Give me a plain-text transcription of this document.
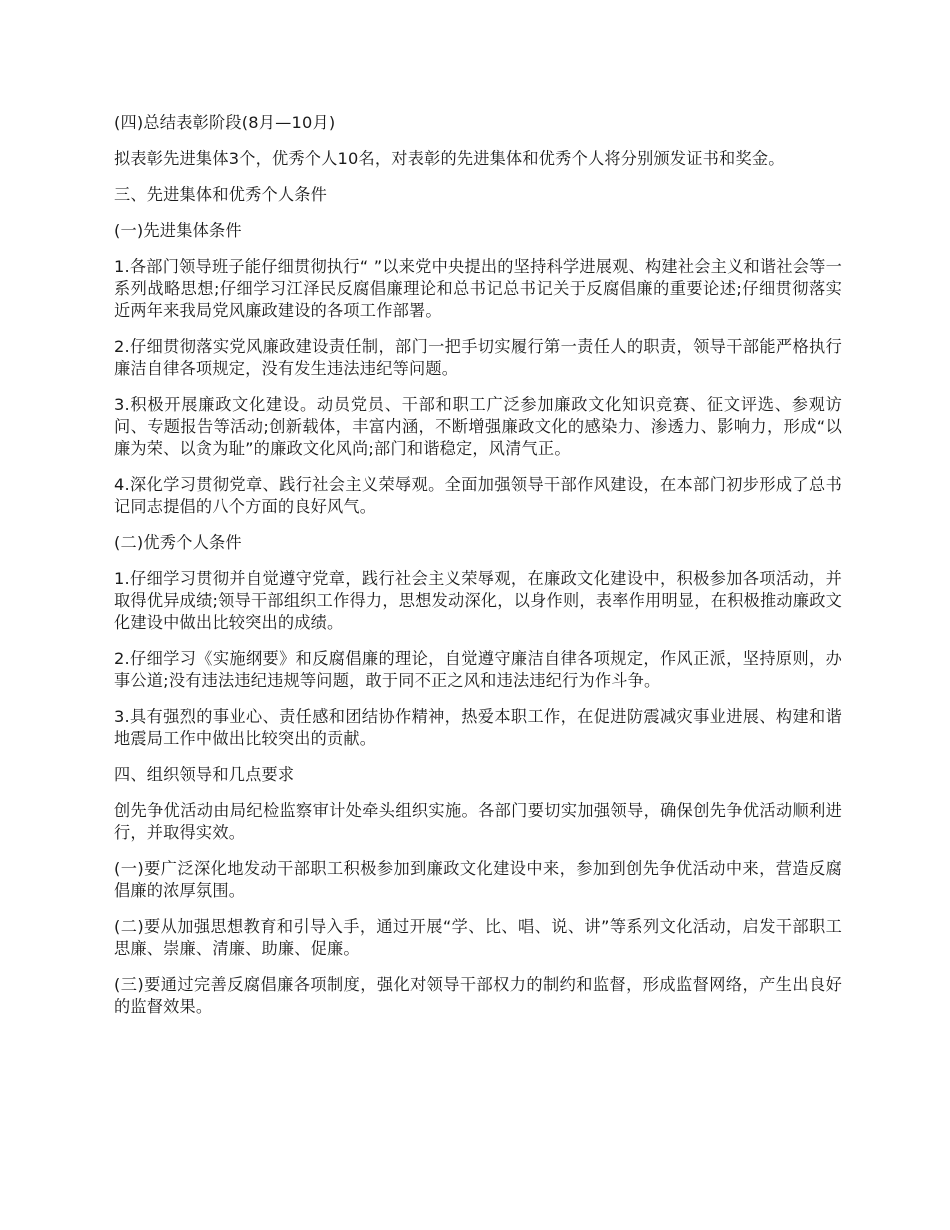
(四)总结表彰阶段(8月—10月)

拟表彰先进集体3个，优秀个人10名，对表彰的先进集体和优秀个人将分别颁发证书和奖金。

三、先进集体和优秀个人条件

(一)先进集体条件

1.各部门领导班子能仔细贯彻执行“ ”以来党中央提出的坚持科学进展观、构建社会主义和谐社会等一系列战略思想;仔细学习江泽民反腐倡廉理论和总书记总书记关于反腐倡廉的重要论述;仔细贯彻落实近两年来我局党风廉政建设的各项工作部署。

2.仔细贯彻落实党风廉政建设责任制，部门一把手切实履行第一责任人的职责，领导干部能严格执行廉洁自律各项规定，没有发生违法违纪等问题。

3.积极开展廉政文化建设。动员党员、干部和职工广泛参加廉政文化知识竞赛、征文评选、参观访问、专题报告等活动;创新载体，丰富内涵，不断增强廉政文化的感染力、渗透力、影响力，形成“以廉为荣、以贪为耻”的廉政文化风尚;部门和谐稳定，风清气正。

4.深化学习贯彻党章、践行社会主义荣辱观。全面加强领导干部作风建设，在本部门初步形成了总书记同志提倡的八个方面的良好风气。

(二)优秀个人条件

1.仔细学习贯彻并自觉遵守党章，践行社会主义荣辱观，在廉政文化建设中，积极参加各项活动，并取得优异成绩;领导干部组织工作得力，思想发动深化，以身作则，表率作用明显，在积极推动廉政文化建设中做出比较突出的成绩。

2.仔细学习《实施纲要》和反腐倡廉的理论，自觉遵守廉洁自律各项规定，作风正派，坚持原则，办事公道;没有违法违纪违规等问题，敢于同不正之风和违法违纪行为作斗争。

3.具有强烈的事业心、责任感和团结协作精神，热爱本职工作，在促进防震减灾事业进展、构建和谐地震局工作中做出比较突出的贡献。

四、组织领导和几点要求

创先争优活动由局纪检监察审计处牵头组织实施。各部门要切实加强领导，确保创先争优活动顺利进行，并取得实效。

(一)要广泛深化地发动干部职工积极参加到廉政文化建设中来，参加到创先争优活动中来，营造反腐倡廉的浓厚氛围。

(二)要从加强思想教育和引导入手，通过开展“学、比、唱、说、讲”等系列文化活动，启发干部职工思廉、崇廉、清廉、助廉、促廉。

(三)要通过完善反腐倡廉各项制度，强化对领导干部权力的制约和监督，形成监督网络，产生出良好的监督效果。
